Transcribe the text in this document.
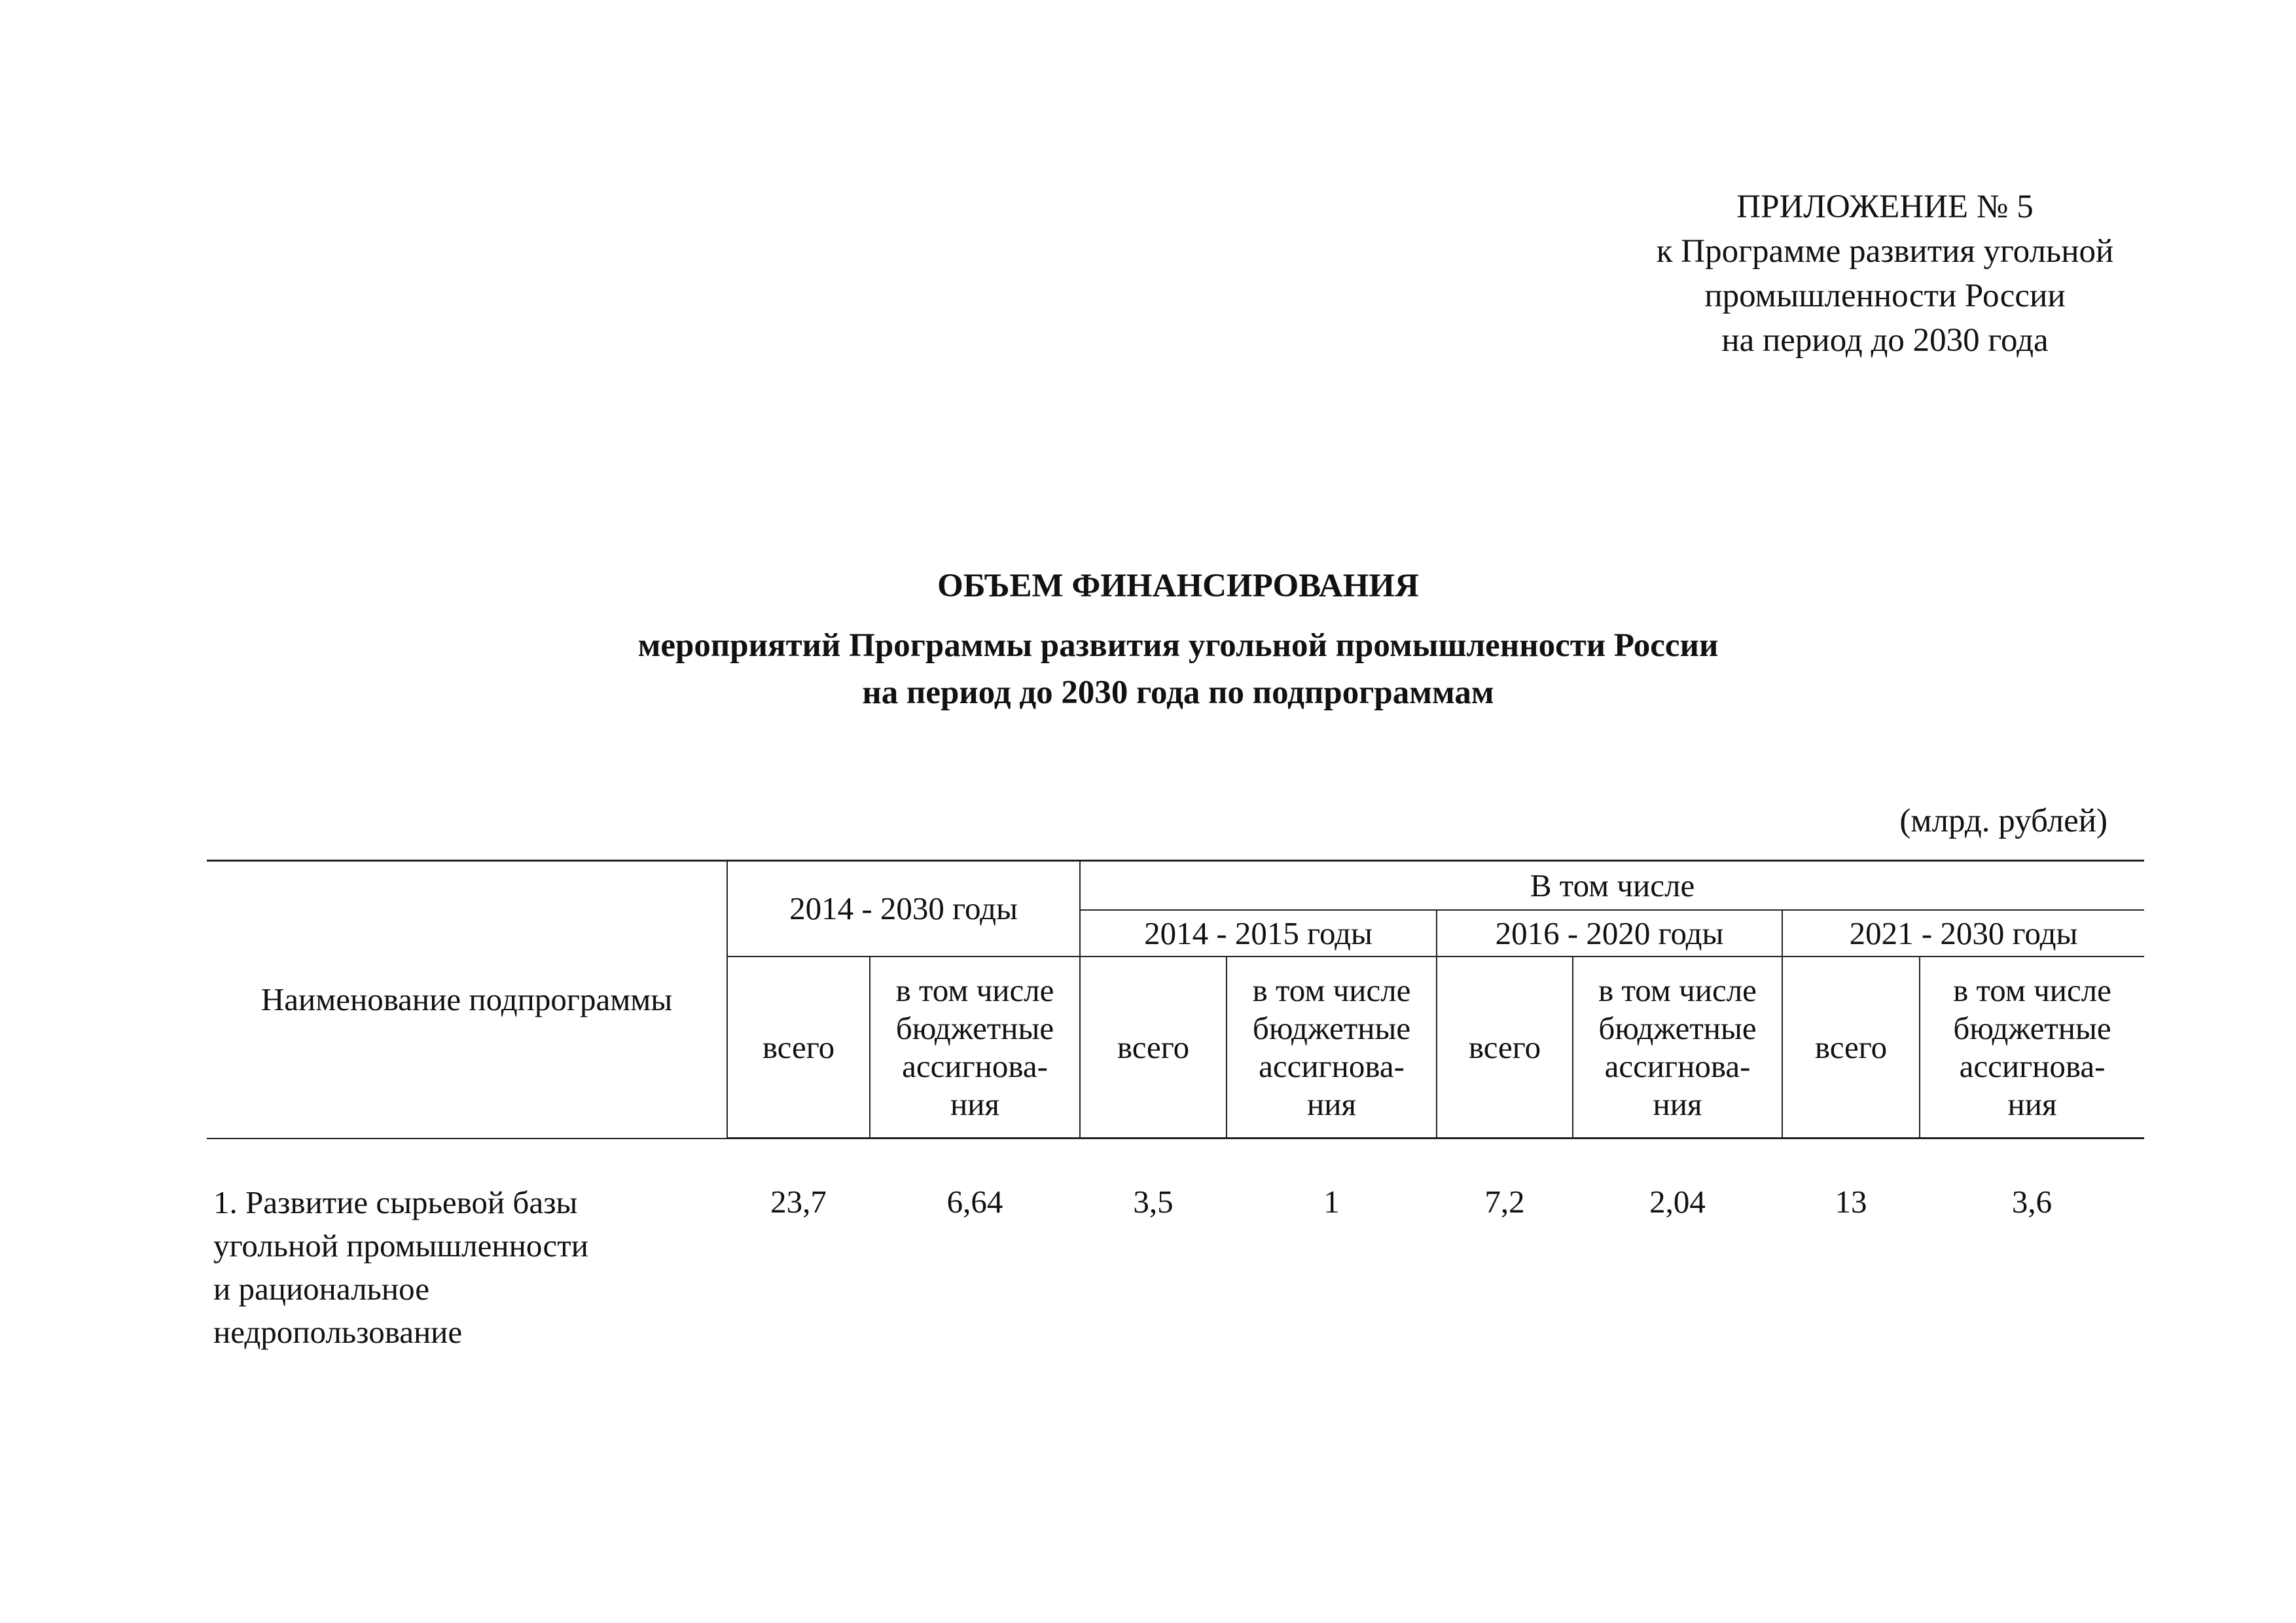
ПРИЛОЖЕНИЕ № 5
к Программе развития угольной
промышленности России
на период до 2030 года
ОБЪЕМ ФИНАНСИРОВАНИЯ
мероприятий Программы развития угольной промышленности России
на период до 2030 года по подпрограммам
(млрд. рублей)
Наименование подпрограммы	2014 - 2030 годы		В том числе					
			2014 - 2015 годы		2016 - 2020 годы		2021 - 2030 годы	
	всего	в том числе
бюджетные
ассигнова-
ния	всего	в том числе
бюджетные
ассигнова-
ния	всего	в том числе
бюджетные
ассигнова-
ния	всего	в том числе
бюджетные
ассигнова-
ния

1. Развитие сырьевой базы
угольной промышленности
и рациональное
недропользование	23,7	6,64	3,5	1	7,2	2,04	13	3,6
